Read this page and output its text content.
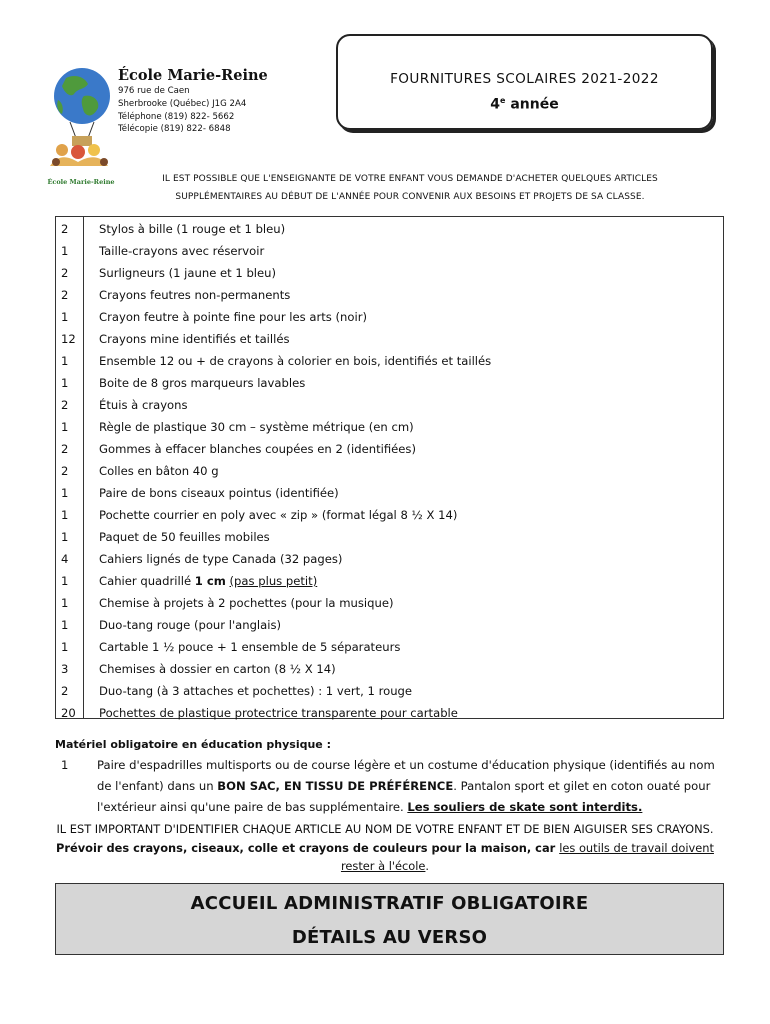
École Marie-Reine
École Marie-Reine
976 rue de Caen
Sherbrooke (Québec) J1G 2A4
Téléphone (819) 822- 5662
Télécopie (819) 822- 6848
FOURNITURES SCOLAIRES 2021-2022
4e année
IL EST POSSIBLE QUE L'ENSEIGNANTE DE VOTRE ENFANT VOUS DEMANDE D'ACHETER QUELQUES ARTICLES
SUPPLÉMENTAIRES AU DÉBUT DE L'ANNÉE POUR CONVENIR AUX BESOINS ET PROJETS DE SA CLASSE.
2	Stylos à bille (1 rouge et 1 bleu)
1	Taille-crayons avec réservoir
2	Surligneurs (1 jaune et 1 bleu)
2	Crayons feutres non-permanents
1	Crayon feutre à pointe fine pour les arts (noir)
12	Crayons mine identifiés et taillés
1	Ensemble 12 ou + de crayons à colorier en bois, identifiés et taillés
1	Boite de 8 gros marqueurs lavables
2	Étuis à crayons
1	Règle de plastique 30 cm – système métrique (en cm)
2	Gommes à effacer blanches coupées en 2 (identifiées)
2	Colles en bâton 40 g
1	Paire de bons ciseaux pointus (identifiée)
1	Pochette courrier en poly avec « zip » (format légal 8 ½ X 14)
1	Paquet de 50 feuilles mobiles
4	Cahiers lignés de type Canada (32 pages)
1	Cahier quadrillé 1 cm (pas plus petit)
1	Chemise à projets à 2 pochettes (pour la musique)
1	Duo-tang rouge (pour l'anglais)
1	Cartable 1 ½ pouce + 1 ensemble de 5 séparateurs
3	Chemises à dossier en carton (8 ½ X 14)
2	Duo-tang (à 3 attaches et pochettes) : 1 vert, 1 rouge
20	Pochettes de plastique protectrice transparente pour cartable
Matériel obligatoire en éducation physique :
1 Paire d'espadrilles multisports ou de course légère et un costume d'éducation physique (identifiés au nom de l'enfant) dans un BON SAC, EN TISSU DE PRÉFÉRENCE. Pantalon sport et gilet en coton ouaté pour l'extérieur ainsi qu'une paire de bas supplémentaire. Les souliers de skate sont interdits.
IL EST IMPORTANT D'IDENTIFIER CHAQUE ARTICLE AU NOM DE VOTRE ENFANT ET DE BIEN AIGUISER SES CRAYONS. Prévoir des crayons, ciseaux, colle et crayons de couleurs pour la maison, car les outils de travail doivent rester à l'école.
ACCUEIL ADMINISTRATIF OBLIGATOIRE
DÉTAILS AU VERSO
